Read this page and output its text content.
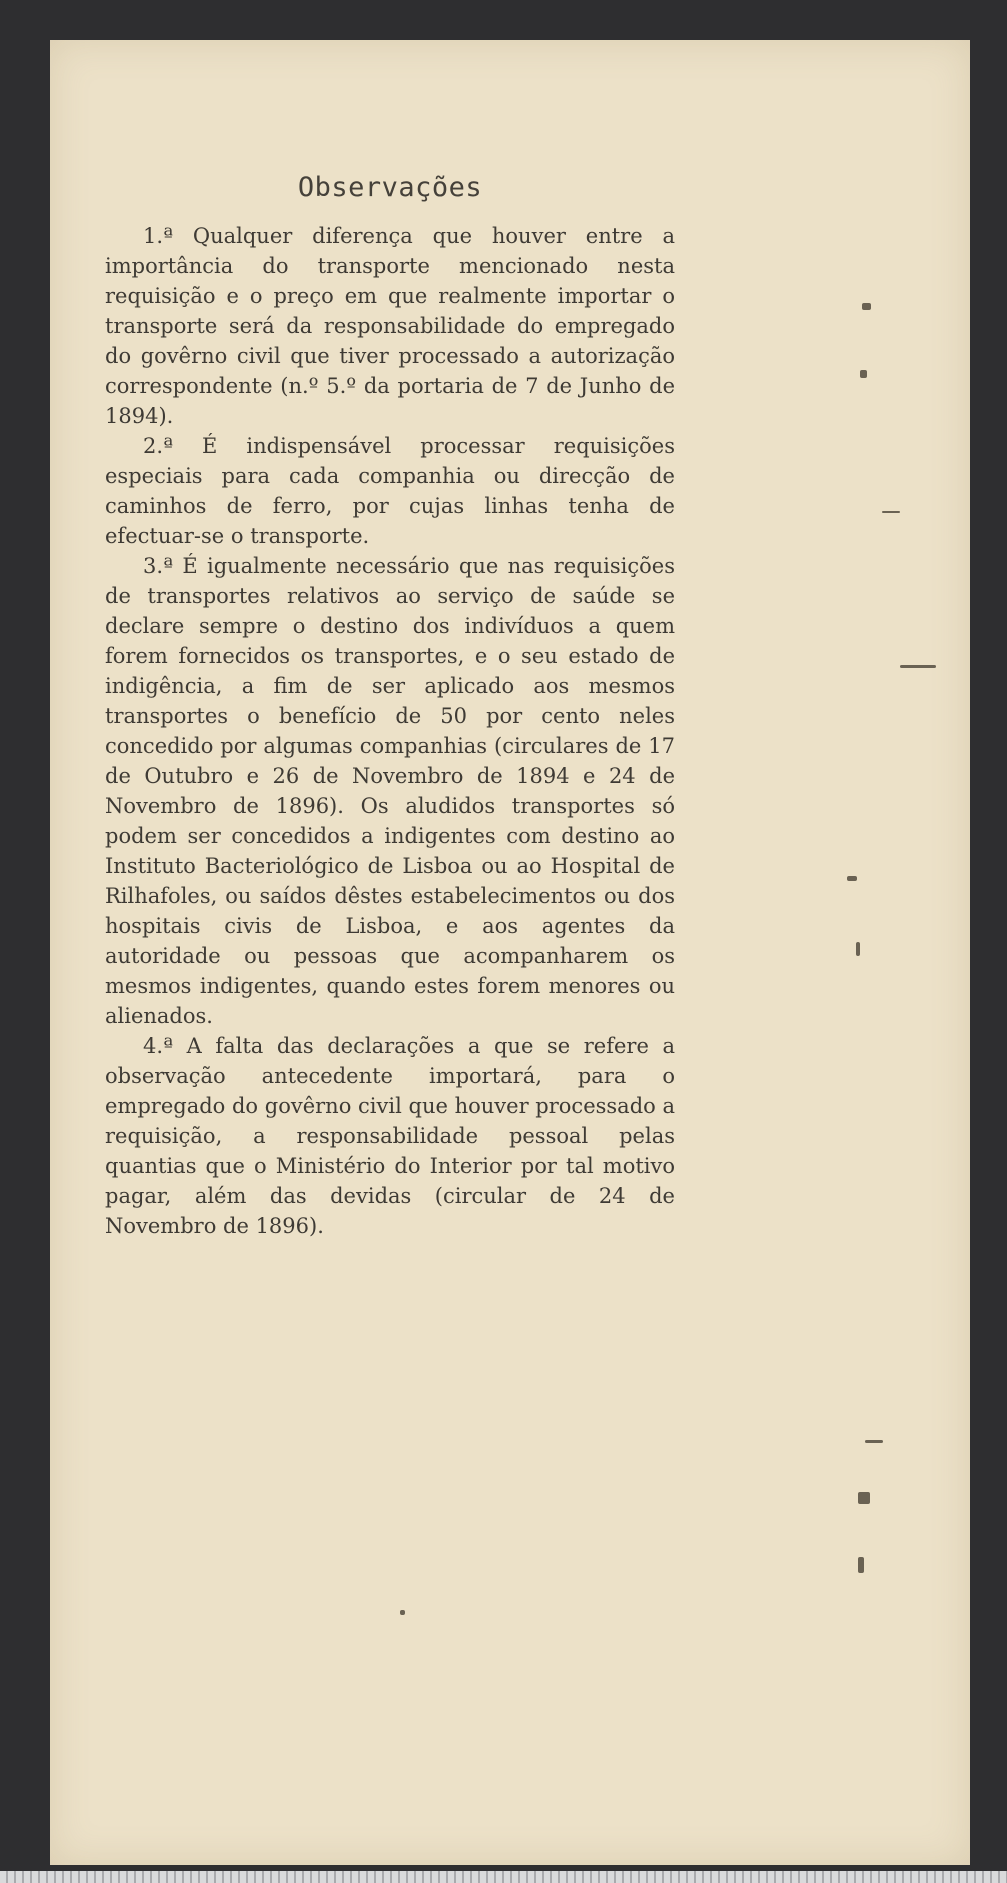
Observações

1.ª Qualquer diferença que houver entre a importância do transporte mencionado nesta requisição e o preço em que realmente importar o transporte será da responsabilidade do empregado do govêrno civil que tiver processado a autorização correspondente (n.º 5.º da portaria de 7 de Junho de 1894).

2.ª É indispensável processar requisições especiais para cada companhia ou direcção de caminhos de ferro, por cujas linhas tenha de efectuar-se o transporte.

3.ª É igualmente necessário que nas requisições de transportes relativos ao serviço de saúde se declare sempre o destino dos indivíduos a quem forem fornecidos os transportes, e o seu estado de indigência, a fim de ser aplicado aos mesmos transportes o benefício de 50 por cento neles concedido por algumas companhias (circulares de 17 de Outubro e 26 de Novembro de 1894 e 24 de Novembro de 1896). Os aludidos transportes só podem ser concedidos a indigentes com destino ao Instituto Bacteriológico de Lisboa ou ao Hospital de Rilhafoles, ou saídos dêstes estabelecimentos ou dos hospitais civis de Lisboa, e aos agentes da autoridade ou pessoas que acompanharem os mesmos indigentes, quando estes forem menores ou alienados.

4.ª A falta das declarações a que se refere a observação antecedente importará, para o empregado do govêrno civil que houver processado a requisição, a responsabilidade pessoal pelas quantias que o Ministério do Interior por tal motivo pagar, além das devidas (circular de 24 de Novembro de 1896).
